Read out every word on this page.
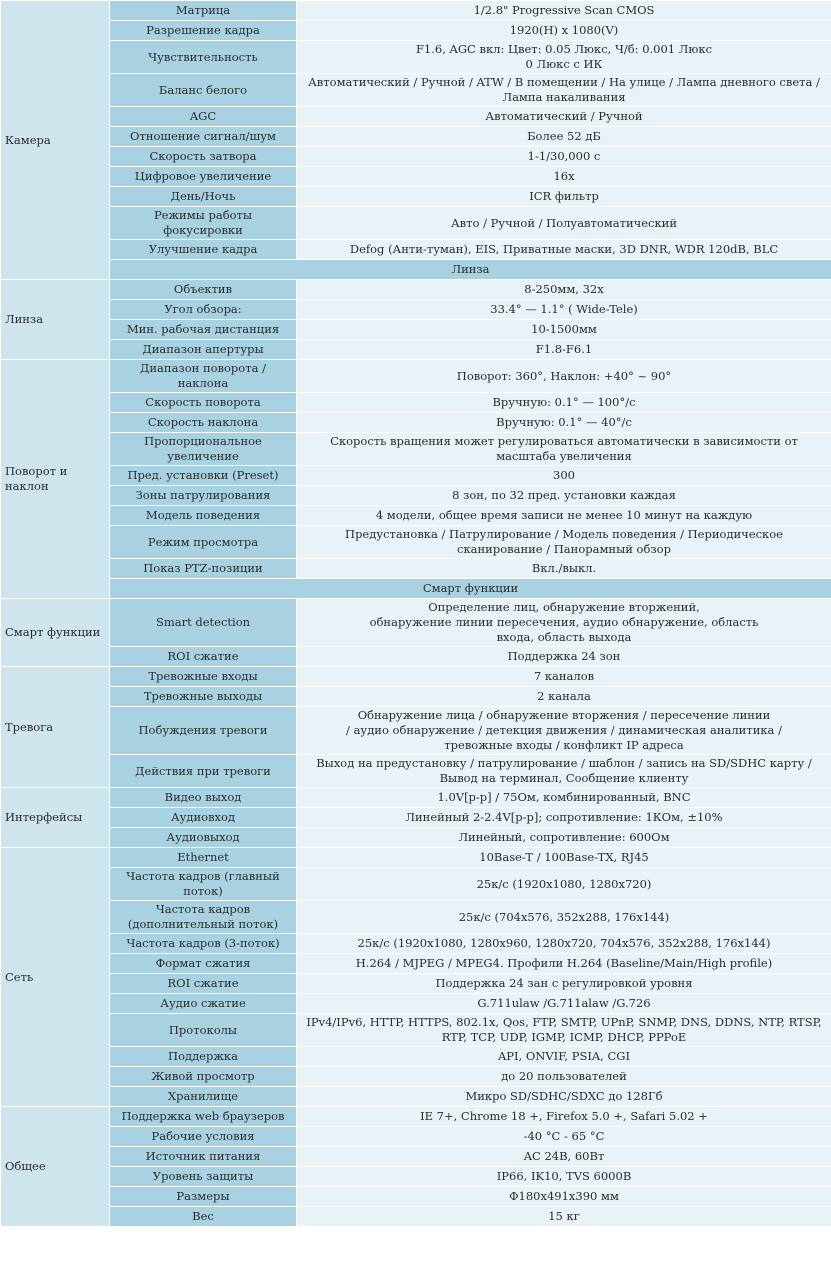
Камера	Матрица	1/2.8" Progressive Scan CMOS
	Разрешение кадра	1920(H) x 1080(V)
	Чувствительность	F1.6, AGC вкл: Цвет: 0.05 Люкс, Ч/б: 0.001 Люкс
0 Люкс с ИК
	Баланс белого	Автоматический / Ручной / ATW / В помещении / На улице / Лампа дневного света / Лампа накаливания
	AGC	Автоматический / Ручной
	Отношение сигнал/шум	Более 52 дБ
	Скорость затвора	1-1/30,000 с
	Цифровое увеличение	16x
	День/Ночь	ICR фильтр
	Режимы работы фокусировки	Авто / Ручной / Полуавтоматический
	Улучшение кадра	Defog (Анти-туман), EIS, Приватные маски, 3D DNR, WDR 120dB, BLC
	Линза	
Линза	Объектив	8-250мм, 32x
	Угол обзора:	33.4° — 1.1° ( Wide-Tele)
	Мин. рабочая дистанция	10-1500мм
	Диапазон апертуры	F1.8-F6.1
Поворот и наклон	Диапазон поворота / наклона	Поворот: 360°, Наклон: +40° ~ 90°
	Скорость поворота	Вручную: 0.1° — 100°/с
	Скорость наклона	Вручную: 0.1° — 40°/с
	Пропорциональное увеличение	Скорость вращения может регулироваться автоматически в зависимости от масштаба увеличения
	Пред. установки (Preset)	300
	Зоны патрулирования	8 зон, по 32 пред. установки каждая
	Модель поведения	4 модели, общее время записи не менее 10 минут на каждую
	Режим просмотра	Предустановка / Патрулирование / Модель поведения / Периодическое сканирование / Панорамный обзор
	Показ PTZ-позиции	Вкл./выкл.
	Смарт функции	
Смарт функции	Smart detection	Определение лиц, обнаружение вторжений,
обнаружение линии пересечения, аудио обнаружение, область
входа, область выхода
	ROI сжатие	Поддержка 24 зон
Тревога	Тревожные входы	7 каналов
	Тревожные выходы	2 канала
	Побуждения тревоги	Обнаружение лица / обнаружение вторжения / пересечение линии
/ аудио обнаружение / детекция движения / динамическая аналитика /
тревожные входы / конфликт IP адреса
	Действия при тревоги	Выход на предустановку / патрулирование / шаблон / запись на SD/SDHC карту / Вывод на терминал, Сообщение клиенту
Интерфейсы	Видео выход	1.0V[p-p] / 75Ом, комбинированный, BNC
	Аудиовход	Линейный 2-2.4V[p-p]; сопротивление: 1КОм, ±10%
	Аудиовыход	Линейный, сопротивление: 600Ом
Сеть	Ethernet	10Base-T / 100Base-TX, RJ45
	Частота кадров (главный поток)	25к/с (1920x1080, 1280x720)
	Частота кадров (дополнительный поток)	25к/с (704x576, 352x288, 176x144)
	Частота кадров (3-поток)	25к/с (1920x1080, 1280x960, 1280x720, 704x576, 352x288, 176x144)
	Формат сжатия	H.264 / MJPEG / MPEG4. Профили H.264 (Baseline/Main/High profile)
	ROI сжатие	Поддержка 24 зан с регулировкой уровня
	Аудио сжатие	G.711ulaw /G.711alaw /G.726
	Протоколы	IPv4/IPv6, HTTP, HTTPS, 802.1x, Qos, FTP, SMTP, UPnP, SNMP, DNS, DDNS, NTP, RTSP, RTP, TCP, UDP, IGMP, ICMP, DHCP, PPPoE
	Поддержка	API, ONVIF, PSIA, CGI
	Живой просмотр	до 20 пользователей
	Хранилище	Микро SD/SDHC/SDXC до 128Гб
Общее	Поддержка web браузеров	IE 7+, Chrome 18 +, Firefox 5.0 +, Safari 5.02 +
	Рабочие условия	-40 °C - 65 °C
	Источник питания	AC 24В, 60Вт
	Уровень защиты	IP66, IK10, TVS 6000B
	Размеры	Φ180x491x390 мм
	Вес	15 кг
